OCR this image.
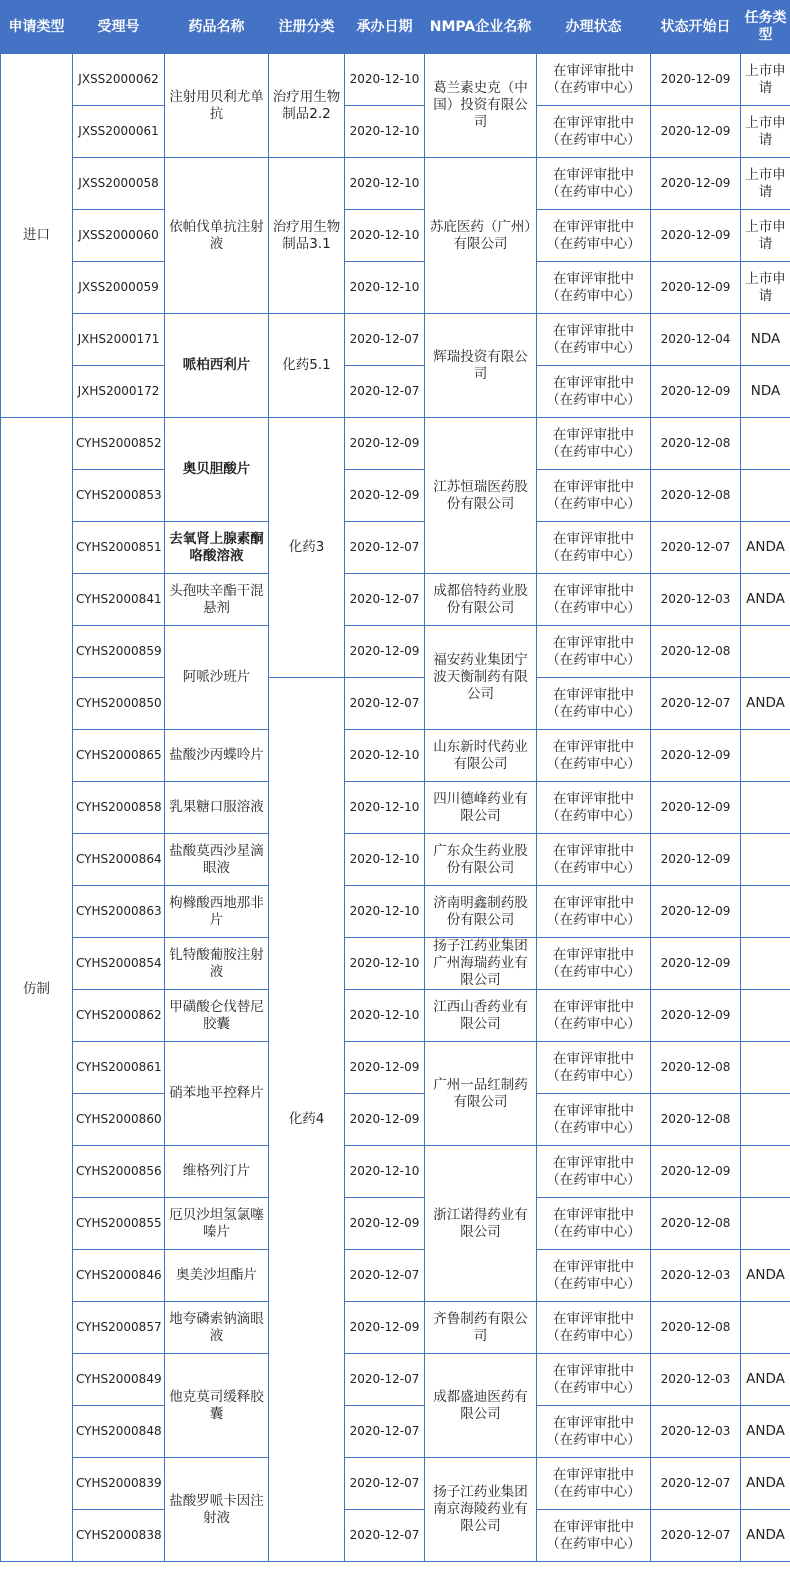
申请类型	受理号	药品名称	注册分类	承办日期	NMPA企业名称	办理状态	状态开始日	任务类型
进口	JXSS2000062	注射用贝利尤单抗	治疗用生物制品2.2	2020-12-10	葛兰素史克（中国）投资有限公司	在审评审批中（在药审中心）	2020-12-09	上市申请
	JXSS2000061			2020-12-10		在审评审批中（在药审中心）	2020-12-09	上市申请
	JXSS2000058	依帕伐单抗注射液	治疗用生物制品3.1	2020-12-10	苏庇医药（广州）有限公司	在审评审批中（在药审中心）	2020-12-09	上市申请
	JXSS2000060			2020-12-10		在审评审批中（在药审中心）	2020-12-09	上市申请
	JXSS2000059			2020-12-10		在审评审批中（在药审中心）	2020-12-09	上市申请
	JXHS2000171	哌柏西利片	化药5.1	2020-12-07	辉瑞投资有限公司	在审评审批中（在药审中心）	2020-12-04	NDA
	JXHS2000172			2020-12-07		在审评审批中（在药审中心）	2020-12-09	NDA
仿制	CYHS2000852	奥贝胆酸片	化药3	2020-12-09	江苏恒瑞医药股份有限公司	在审评审批中（在药审中心）	2020-12-08	
	CYHS2000853			2020-12-09		在审评审批中（在药审中心）	2020-12-08	
	CYHS2000851	去氧肾上腺素酮咯酸溶液		2020-12-07		在审评审批中（在药审中心）	2020-12-07	ANDA
	CYHS2000841	头孢呋辛酯干混悬剂		2020-12-07	成都倍特药业股份有限公司	在审评审批中（在药审中心）	2020-12-03	ANDA
	CYHS2000859	阿哌沙班片		2020-12-09	福安药业集团宁波天衡制药有限公司	在审评审批中（在药审中心）	2020-12-08	
	CYHS2000850		化药4	2020-12-07		在审评审批中（在药审中心）	2020-12-07	ANDA
	CYHS2000865	盐酸沙丙蝶呤片		2020-12-10	山东新时代药业有限公司	在审评审批中（在药审中心）	2020-12-09	
	CYHS2000858	乳果糖口服溶液		2020-12-10	四川德峰药业有限公司	在审评审批中（在药审中心）	2020-12-09	
	CYHS2000864	盐酸莫西沙星滴眼液		2020-12-10	广东众生药业股份有限公司	在审评审批中（在药审中心）	2020-12-09	
	CYHS2000863	枸橼酸西地那非片		2020-12-10	济南明鑫制药股份有限公司	在审评审批中（在药审中心）	2020-12-09	
	CYHS2000854	钆特酸葡胺注射液		2020-12-10	扬子江药业集团广州海瑞药业有限公司	在审评审批中（在药审中心）	2020-12-09	
	CYHS2000862	甲磺酸仑伐替尼胶囊		2020-12-10	江西山香药业有限公司	在审评审批中（在药审中心）	2020-12-09	
	CYHS2000861	硝苯地平控释片		2020-12-09	广州一品红制药有限公司	在审评审批中（在药审中心）	2020-12-08	
	CYHS2000860			2020-12-09		在审评审批中（在药审中心）	2020-12-08	
	CYHS2000856	维格列汀片		2020-12-10	浙江诺得药业有限公司	在审评审批中（在药审中心）	2020-12-09	
	CYHS2000855	厄贝沙坦氢氯噻嗪片		2020-12-09		在审评审批中（在药审中心）	2020-12-08	
	CYHS2000846	奥美沙坦酯片		2020-12-07		在审评审批中（在药审中心）	2020-12-03	ANDA
	CYHS2000857	地夸磷索钠滴眼液		2020-12-09	齐鲁制药有限公司	在审评审批中（在药审中心）	2020-12-08	
	CYHS2000849	他克莫司缓释胶囊		2020-12-07	成都盛迪医药有限公司	在审评审批中（在药审中心）	2020-12-03	ANDA
	CYHS2000848			2020-12-07		在审评审批中（在药审中心）	2020-12-03	ANDA
	CYHS2000839	盐酸罗哌卡因注射液		2020-12-07	扬子江药业集团南京海陵药业有限公司	在审评审批中（在药审中心）	2020-12-07	ANDA
	CYHS2000838			2020-12-07		在审评审批中（在药审中心）	2020-12-07	ANDA
